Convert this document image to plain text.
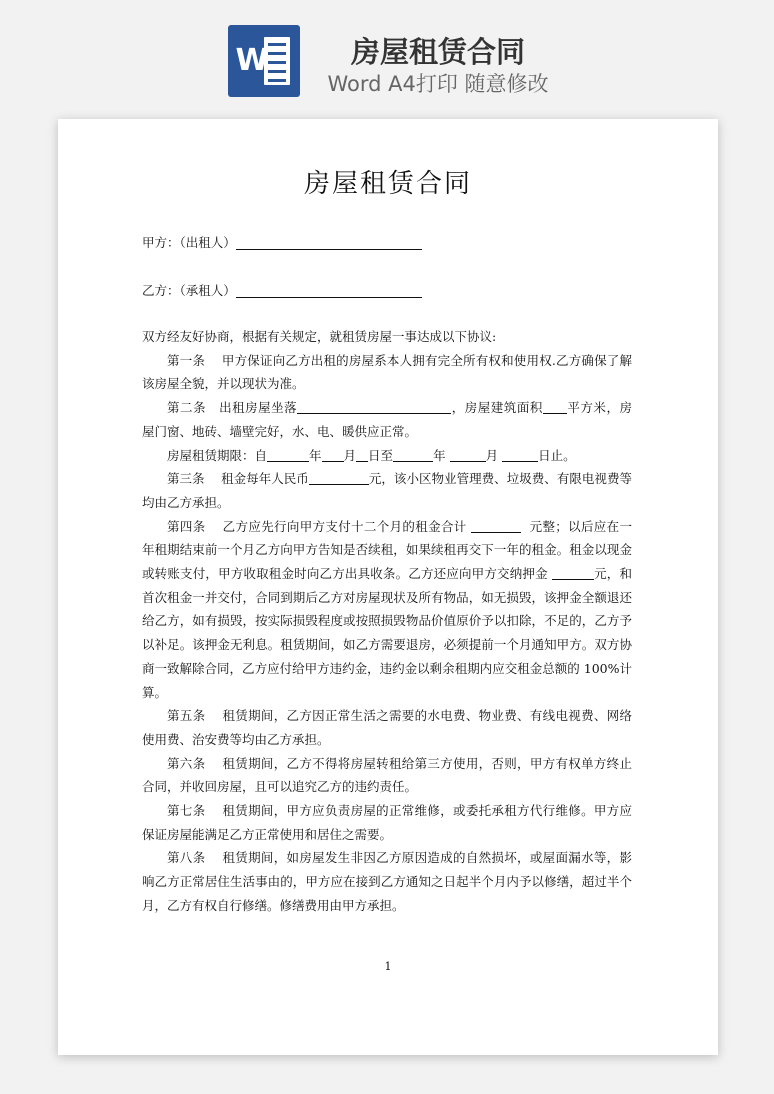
W	房屋租赁合同
Word A4打印 随意修改

房屋租赁合同
甲方：（出租人）
乙方：（承租人）

双方经友好协商，根据有关规定，就租赁房屋一事达成以下协议:

第一条　 甲方保证向乙方出租的房屋系本人拥有完全所有权和使用权.乙方确保了解该房屋全貌，并以现状为准。

第二条　出租房屋坐落	，房屋建筑面积 平方米，房屋门窗、地砖、墙壁完好，水、电、暖供应正常。

房屋租赁期限：自	年 月 日至	年	月	日止。

第三条　 租金每年人民币	元，该小区物业管理费、垃圾费、有限电视费等均由乙方承担。

第四条　 乙方应先行向甲方支付十二个月的租金合计	元整；以后应在一年租期结束前一个月乙方向甲方告知是否续租，如果续租再交下一年的租金。租金以现金或转账支付，甲方收取租金时向乙方出具收条。乙方还应向甲方交纳押金	元，和首次租金一并交付，合同到期后乙方对房屋现状及所有物品，如无损毁，该押金全额退还给乙方，如有损毁，按实际损毁程度或按照损毁物品价值原价予以扣除，不足的，乙方予以补足。该押金无利息。租赁期间，如乙方需要退房，必须提前一个月通知甲方。双方协商一致解除合同，乙方应付给甲方违约金，违约金以剩余租期内应交租金总额的 100%计算。

第五条　 租赁期间，乙方因正常生活之需要的水电费、物业费、有线电视费、网络使用费、治安费等均由乙方承担。

第六条　 租赁期间，乙方不得将房屋转租给第三方使用，否则，甲方有权单方终止合同，并收回房屋，且可以追究乙方的违约责任。

第七条　 租赁期间，甲方应负责房屋的正常维修，或委托承租方代行维修。甲方应保证房屋能满足乙方正常使用和居住之需要。

第八条　 租赁期间，如房屋发生非因乙方原因造成的自然损坏，或屋面漏水等，影响乙方正常居住生活事由的，甲方应在接到乙方通知之日起半个月内予以修缮，超过半个月，乙方有权自行修缮。修缮费用由甲方承担。

1
